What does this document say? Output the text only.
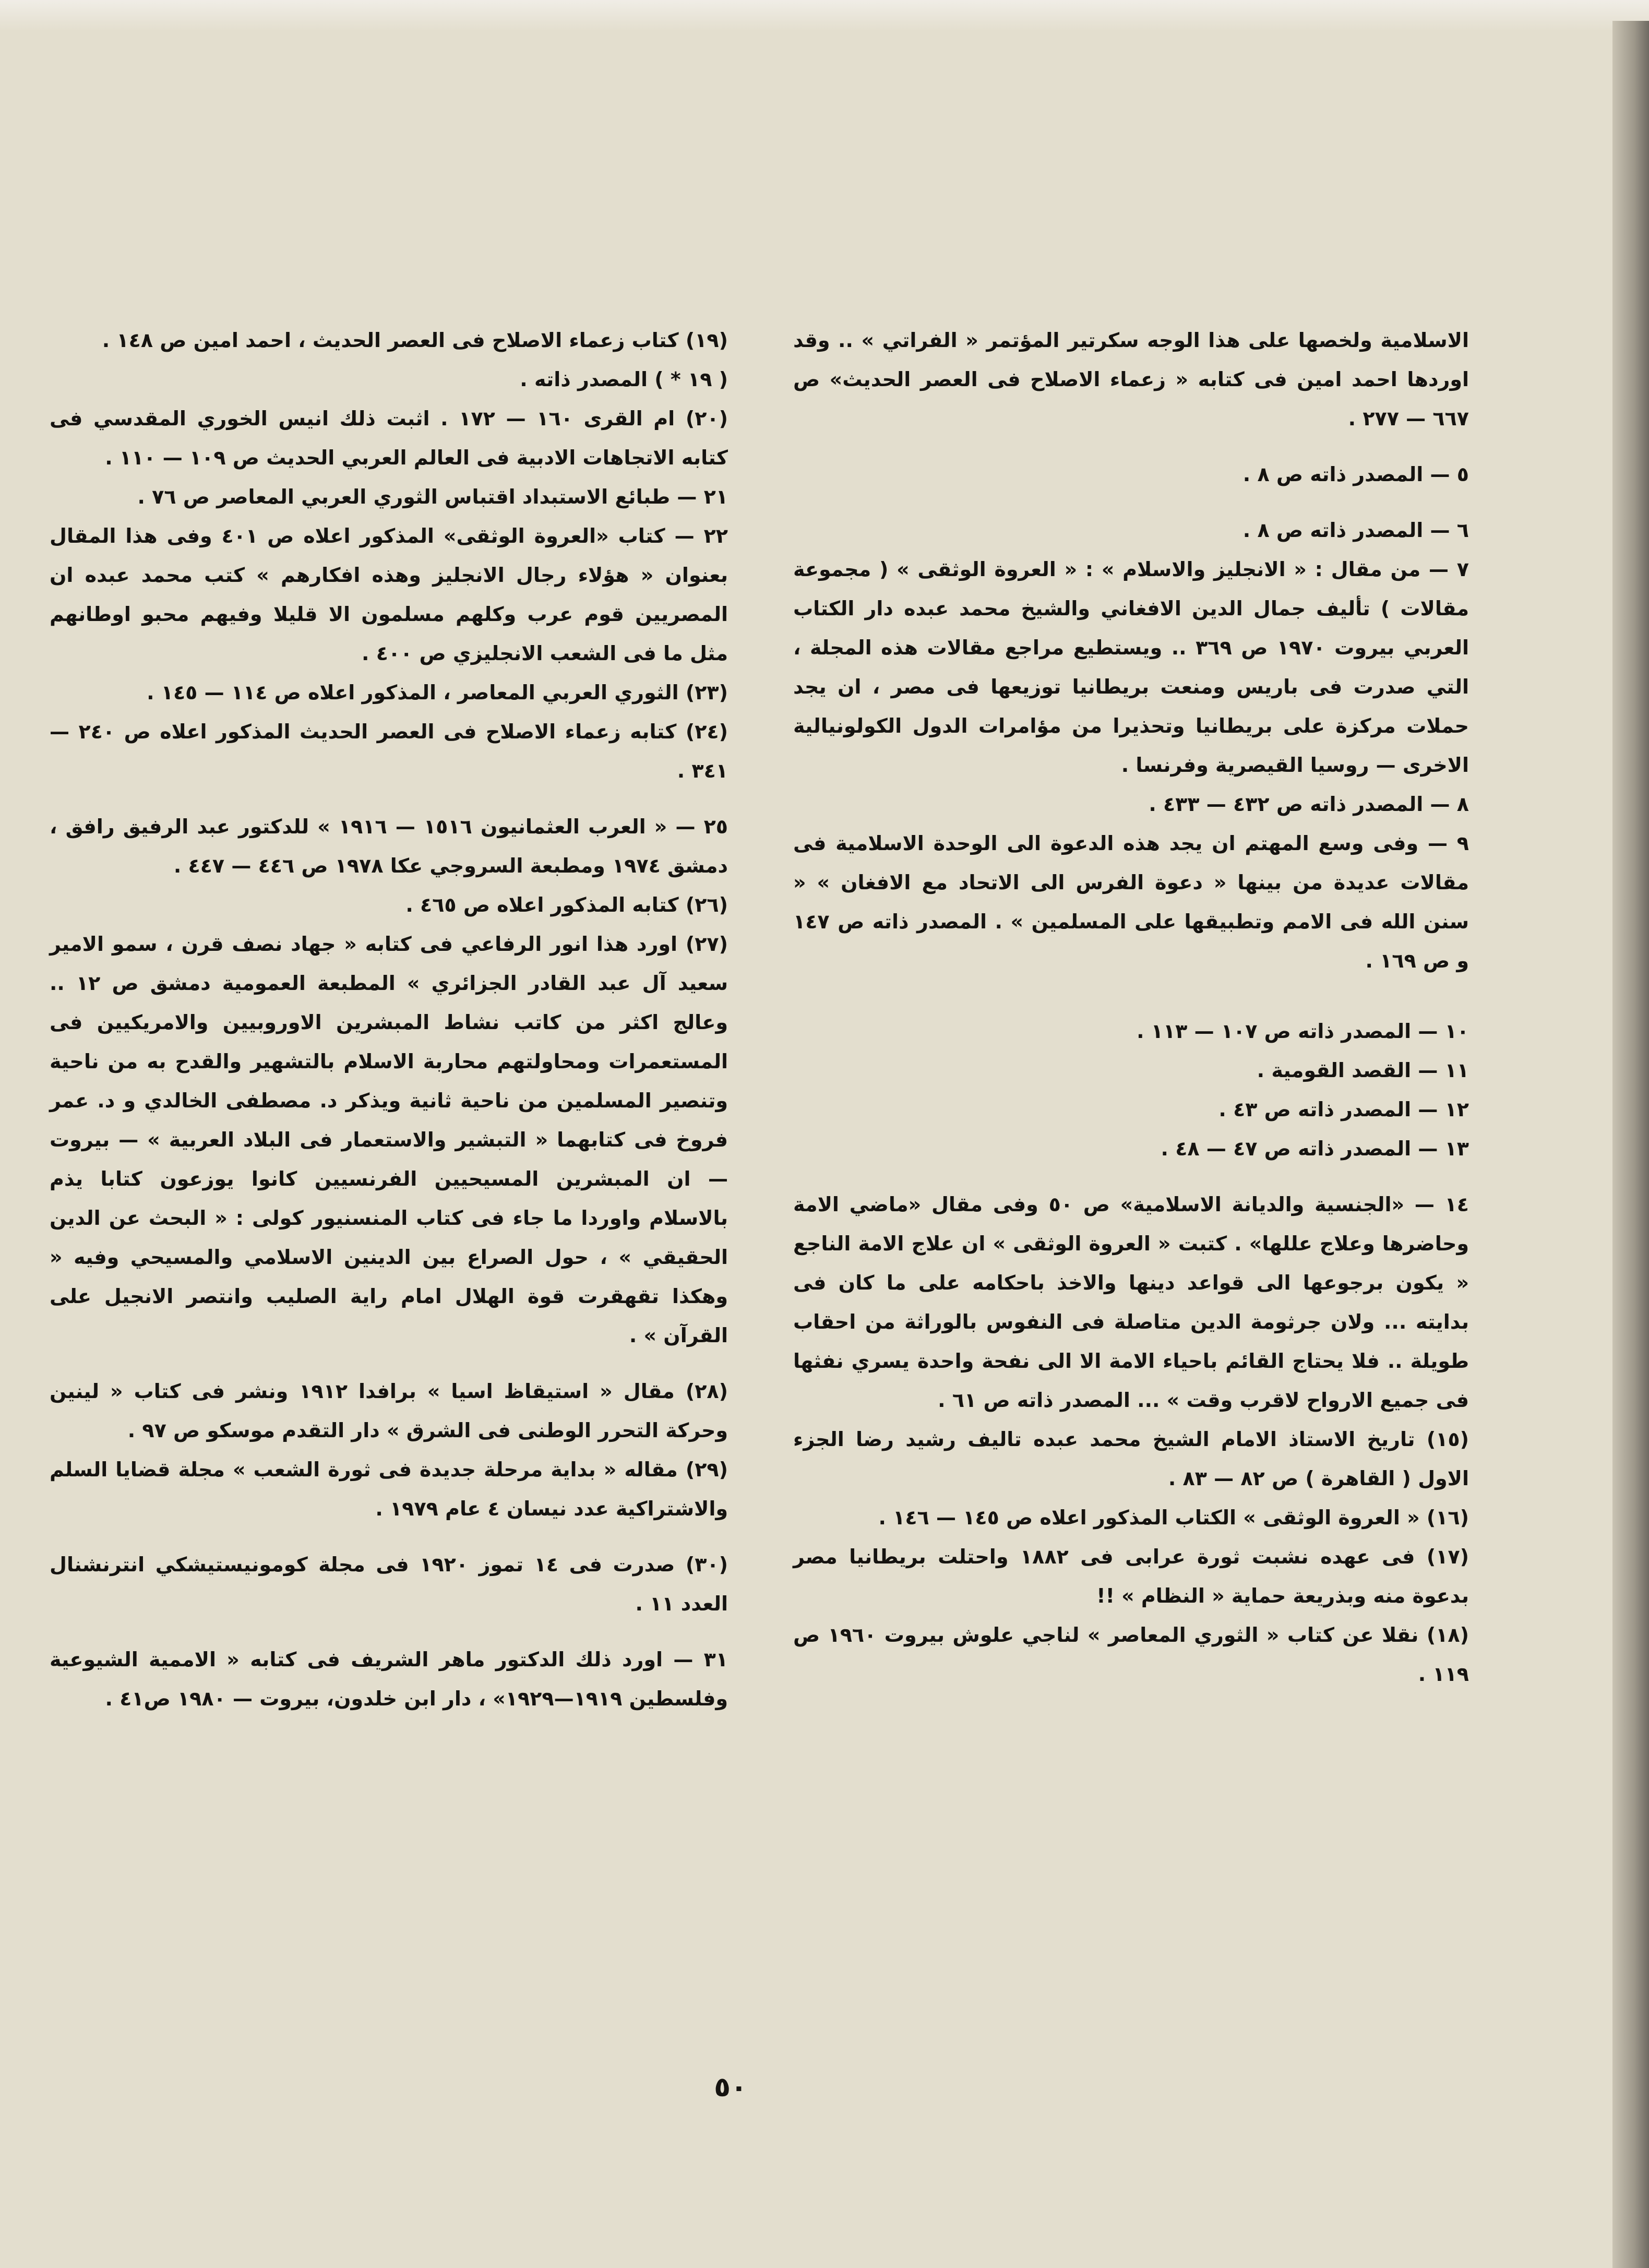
الاسلامية ولخصها على هذا الوجه سكرتير المؤتمر « الفراتي » .. وقد اوردها احمد امين فى كتابه « زعماء الاصلاح فى العصر الحديث» ص ٦٦٧ — ٢٧٧ .

٥ — المصدر ذاته ص ٨ .

٦ — المصدر ذاته ص ٨ .

٧ — من مقال : « الانجليز والاسلام » : « العروة الوثقى » ( مجموعة مقالات ) تأليف جمال الدين الافغاني والشيخ محمد عبده دار الكتاب العربي بيروت ١٩٧٠ ص ٣٦٩ .. ويستطيع مراجع مقالات هذه المجلة ، التي صدرت فى باريس ومنعت بريطانيا توزيعها فى مصر ، ان يجد حملات مركزة على بريطانيا وتحذيرا من مؤامرات الدول الكولونيالية الاخرى — روسيا القيصرية وفرنسا .

٨ — المصدر ذاته ص ٤٣٢ — ٤٣٣ .

٩ — وفى وسع المهتم ان يجد هذه الدعوة الى الوحدة الاسلامية فى مقالات عديدة من بينها « دعوة الفرس الى الاتحاد مع الافغان » « سنن الله فى الامم وتطبيقها على المسلمين » . المصدر ذاته ص ١٤٧ و ص ١٦٩ .

١٠ — المصدر ذاته ص ١٠٧ — ١١٣ .

١١ — القصد القومية .

١٢ — المصدر ذاته ص ٤٣ .

١٣ — المصدر ذاته ص ٤٧ — ٤٨ .

١٤ — «الجنسية والديانة الاسلامية» ص ٥٠ وفى مقال «ماضي الامة وحاضرها وعلاج عللها» . كتبت « العروة الوثقى » ان علاج الامة الناجع « يكون برجوعها الى قواعد دينها والاخذ باحكامه على ما كان فى بدايته ... ولان جرثومة الدين متاصلة فى النفوس بالوراثة من احقاب طويلة .. فلا يحتاج القائم باحياء الامة الا الى نفحة واحدة يسري نفثها فى جميع الارواح لاقرب وقت » ... المصدر ذاته ص ٦١ .

(١٥) تاريخ الاستاذ الامام الشيخ محمد عبده تاليف رشيد رضا الجزء الاول ( القاهرة ) ص ٨٢ — ٨٣ .

(١٦) « العروة الوثقى » الكتاب المذكور اعلاه ص ١٤٥ — ١٤٦ .

(١٧) فى عهده نشبت ثورة عرابى فى ١٨٨٢ واحتلت بريطانيا مصر بدعوة منه وبذريعة حماية « النظام » !!

(١٨) نقلا عن كتاب « الثوري المعاصر » لناجي علوش بيروت ١٩٦٠ ص ١١٩ .

(١٩) كتاب زعماء الاصلاح فى العصر الحديث ، احمد امين ص ١٤٨ .

( ١٩ * ) المصدر ذاته .

(٢٠) ام القرى ١٦٠ — ١٧٢ . اثبت ذلك انيس الخوري المقدسي فى كتابه الاتجاهات الادبية فى العالم العربي الحديث ص ١٠٩ — ١١٠ .

٢١ — طبائع الاستبداد اقتباس الثوري العربي المعاصر ص ٧٦ .

٢٢ — كتاب «العروة الوثقى» المذكور اعلاه ص ٤٠١ وفى هذا المقال بعنوان « هؤلاء رجال الانجليز وهذه افكارهم » كتب محمد عبده ان المصريين قوم عرب وكلهم مسلمون الا قليلا وفيهم محبو اوطانهم مثل ما فى الشعب الانجليزي ص ٤٠٠ .

(٢٣) الثوري العربي المعاصر ، المذكور اعلاه ص ١١٤ — ١٤٥ .

(٢٤) كتابه زعماء الاصلاح فى العصر الحديث المذكور اعلاه ص ٢٤٠ — ٣٤١ .

٢٥ — « العرب العثمانيون ١٥١٦ — ١٩١٦ » للدكتور عبد الرفيق رافق ، دمشق ١٩٧٤ ومطبعة السروجي عكا ١٩٧٨ ص ٤٤٦ — ٤٤٧ .

(٢٦) كتابه المذكور اعلاه ص ٤٦٥ .

(٢٧) اورد هذا انور الرفاعي فى كتابه « جهاد نصف قرن ، سمو الامير سعيد آل عبد القادر الجزائري » المطبعة العمومية دمشق ص ١٢ .. وعالج اكثر من كاتب نشاط المبشرين الاوروبيين والامريكيين فى المستعمرات ومحاولتهم محاربة الاسلام بالتشهير والقدح به من ناحية وتنصير المسلمين من ناحية ثانية ويذكر د. مصطفى الخالدي و د. عمر فروخ فى كتابهما « التبشير والاستعمار فى البلاد العربية » — بيروت — ان المبشرين المسيحيين الفرنسيين كانوا يوزعون كتابا يذم بالاسلام واوردا ما جاء فى كتاب المنسنيور كولى : « البحث عن الدين الحقيقي » ، حول الصراع بين الدينين الاسلامي والمسيحي وفيه « وهكذا تقهقرت قوة الهلال امام راية الصليب وانتصر الانجيل على القرآن » .

(٢٨) مقال « استيقاظ اسيا » برافدا ١٩١٢ ونشر فى كتاب « لينين وحركة التحرر الوطنى فى الشرق » دار التقدم موسكو ص ٩٧ .

(٢٩) مقاله « بداية مرحلة جديدة فى ثورة الشعب » مجلة قضايا السلم والاشتراكية عدد نيسان ٤ عام ١٩٧٩ .

(٣٠) صدرت فى ١٤ تموز ١٩٢٠ فى مجلة كومونيستيشكي انترنشنال العدد ١١ .

٣١ — اورد ذلك الدكتور ماهر الشريف فى كتابه « الاممية الشيوعية وفلسطين ١٩١٩—١٩٢٩» ، دار ابن خلدون، بيروت — ١٩٨٠ ص٤١ .

٥٠
